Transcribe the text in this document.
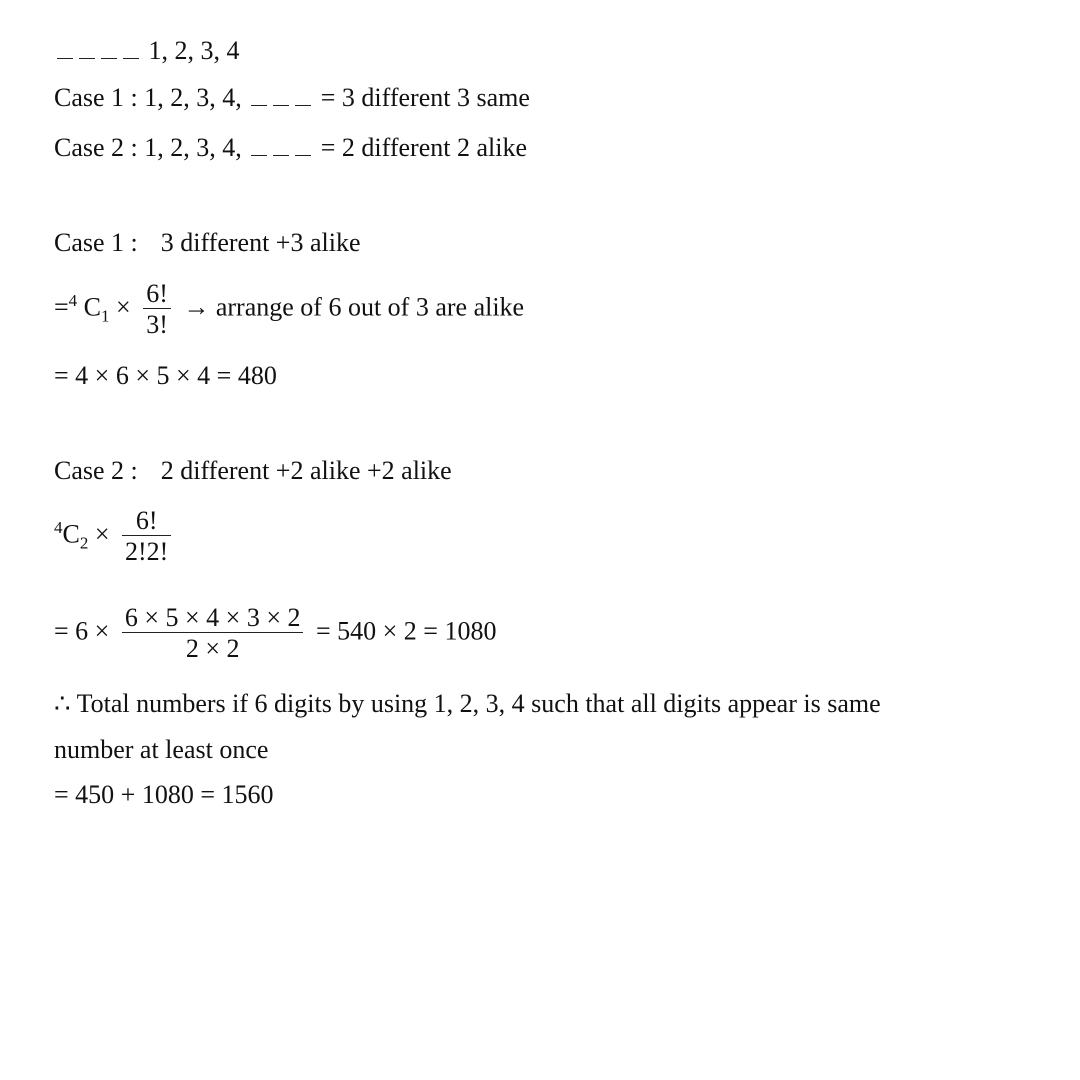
1, 2, 3, 4
Case 1 : 1, 2, 3, 4,	= 3 different 3 same
Case 2 : 1, 2, 3, 4,	= 2 different 2 alike
Case 1 : 3 different +3 alike
=$^4$ $C_1 \times \frac{6!}{3!}$ → arrange of 6 out of 3 are alike
= 4 × 6 × 5 × 4 = 480
Case 2 : 2 different +2 alike +2 alike
$^4C_2 \times \frac{6!}{2!2!}$
= $6 \times \frac{6 \times 5 \times 4 \times 3 \times 2}{2 \times 2} = 540 \times 2 = 1080$
∴ Total numbers if 6 digits by using 1, 2, 3, 4 such that all digits appear is same
number at least once
= 450 + 1080 = 1560
